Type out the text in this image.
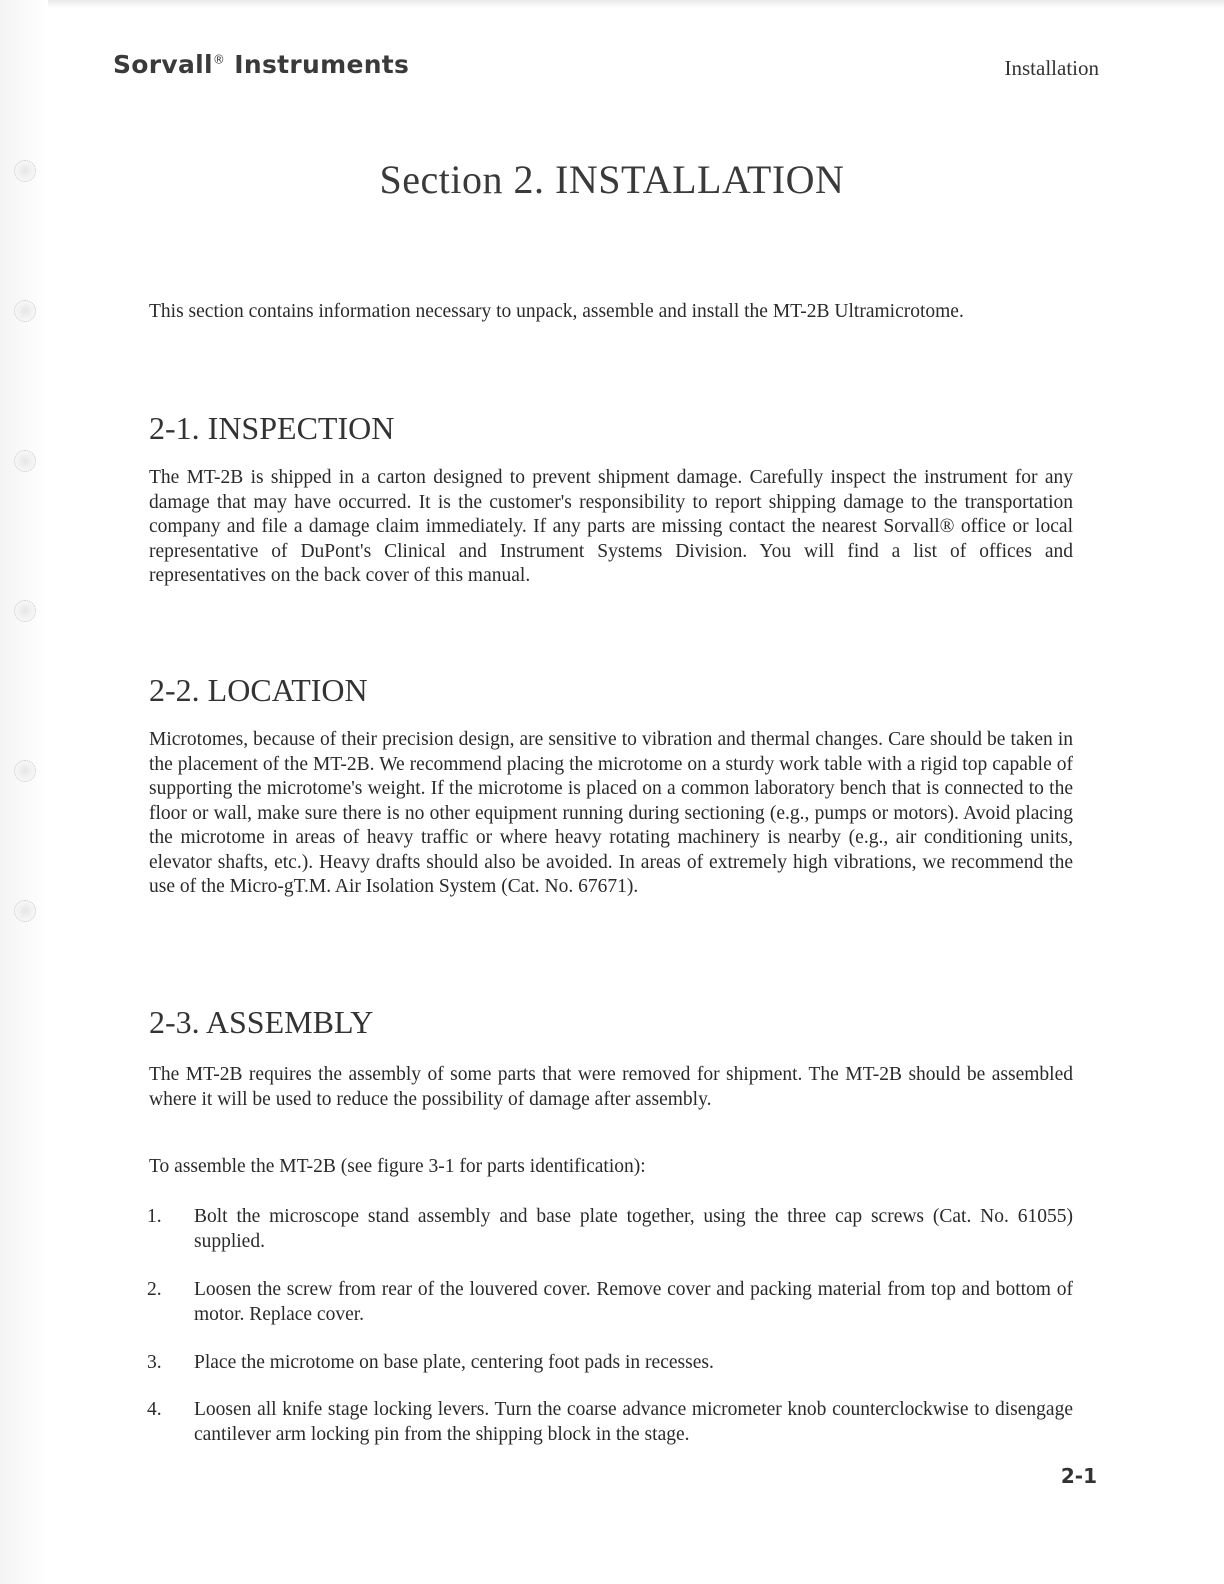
Sorvall® Instruments	Installation
Section 2. INSTALLATION
This section contains information necessary to unpack, assemble and install the MT-2B Ultramicrotome.
2-1. INSPECTION
The MT-2B is shipped in a carton designed to prevent shipment damage. Carefully inspect the instrument for any damage that may have occurred. It is the customer's responsibility to report shipping damage to the transportation company and file a damage claim immediately. If any parts are missing contact the nearest Sorvall® office or local representative of DuPont's Clinical and Instrument Systems Division. You will find a list of offices and representatives on the back cover of this manual.
2-2. LOCATION
Microtomes, because of their precision design, are sensitive to vibration and thermal changes. Care should be taken in the placement of the MT-2B. We recommend placing the microtome on a sturdy work table with a rigid top capable of supporting the microtome's weight. If the microtome is placed on a common laboratory bench that is connected to the floor or wall, make sure there is no other equipment running during sectioning (e.g., pumps or motors). Avoid placing the microtome in areas of heavy traffic or where heavy rotating machinery is nearby (e.g., air conditioning units, elevator shafts, etc.). Heavy drafts should also be avoided. In areas of extremely high vibrations, we recommend the use of the Micro-gT.M. Air Isolation System (Cat. No. 67671).
2-3. ASSEMBLY
The MT-2B requires the assembly of some parts that were removed for shipment. The MT-2B should be assembled where it will be used to reduce the possibility of damage after assembly.
To assemble the MT-2B (see figure 3-1 for parts identification):
1.	Bolt the microscope stand assembly and base plate together, using the three cap screws (Cat. No. 61055) supplied.
2.	Loosen the screw from rear of the louvered cover. Remove cover and packing material from top and bottom of motor. Replace cover.
3.	Place the microtome on base plate, centering foot pads in recesses.
4.	Loosen all knife stage locking levers. Turn the coarse advance micrometer knob counterclockwise to disengage cantilever arm locking pin from the shipping block in the stage.
2-1
